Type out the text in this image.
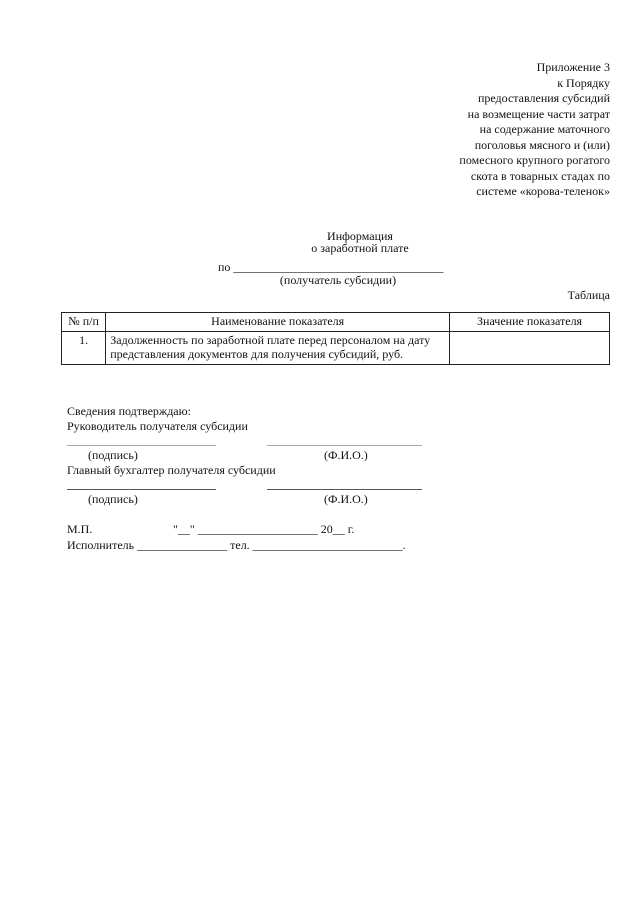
Приложение 3
к Порядку
предоставления субсидий
на возмещение части затрат
на содержание маточного
поголовья мясного и (или)
помесного крупного рогатого
скота в товарных стадах по
системе «корова-теленок»
Информация
о заработной плате
по ___________________________________
(получатель субсидии)
Таблица
№ п/п	Наименование показателя	Значение показателя
1.	Задолженность по заработной плате перед персоналом на дату представления документов для получения субсидий, руб.	
Сведения подтверждаю:
Руководитель получателя субсидии
(подпись)	(Ф.И.О.)
Главный бухгалтер получателя субсидии
(подпись)	(Ф.И.О.)
М.П.	"__" ____________________ 20__ г.
Исполнитель _______________ тел. _________________________.
